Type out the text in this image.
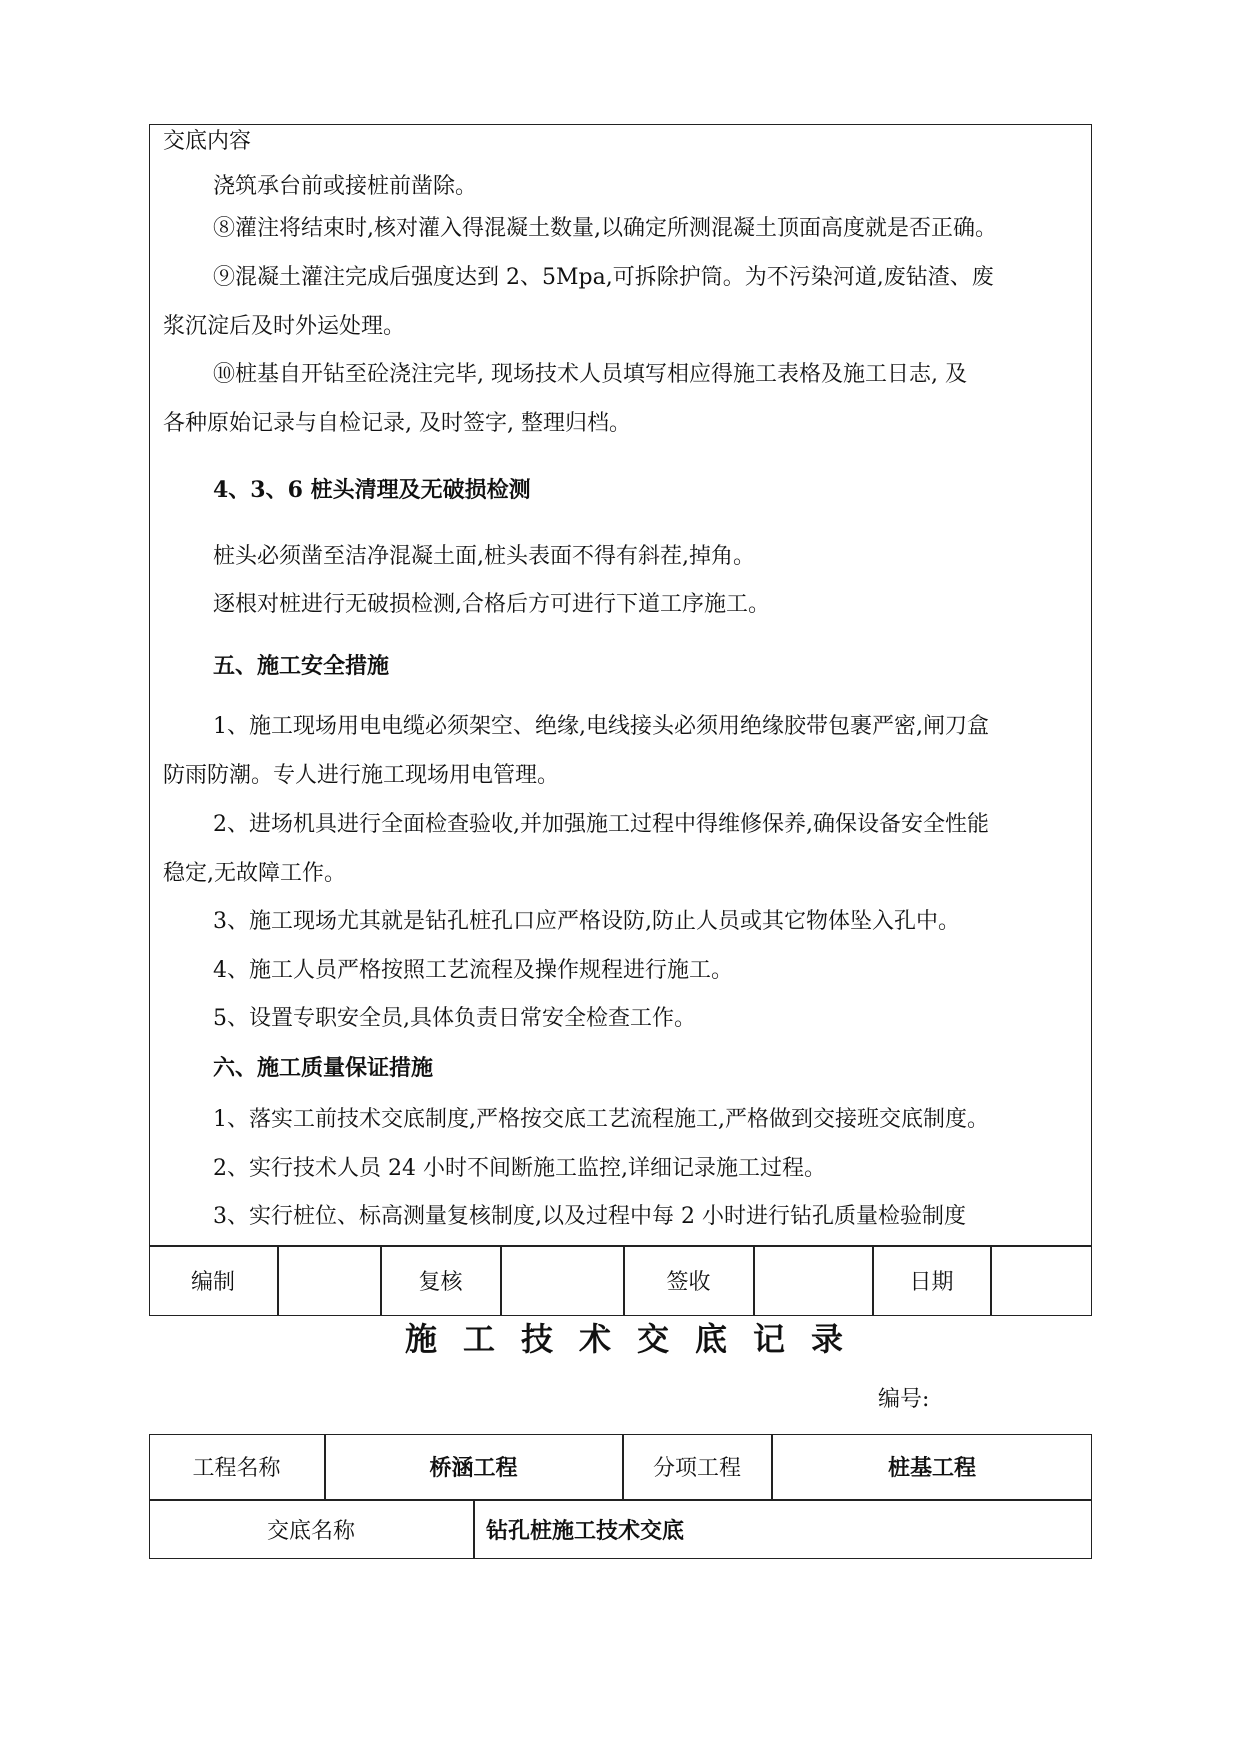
交底内容
浇筑承台前或接桩前凿除。
⑧灌注将结束时,核对灌入得混凝土数量,以确定所测混凝土顶面高度就是否正确。
⑨混凝土灌注完成后强度达到 2、5Mpa,可拆除护筒。为不污染河道,废钻渣、废
浆沉淀后及时外运处理。
⑩桩基自开钻至砼浇注完毕, 现场技术人员填写相应得施工表格及施工日志, 及
各种原始记录与自检记录, 及时签字, 整理归档。
4、3、6 桩头清理及无破损检测
桩头必须凿至洁净混凝土面,桩头表面不得有斜茬,掉角。
逐根对桩进行无破损检测,合格后方可进行下道工序施工。
五、施工安全措施
1、施工现场用电电缆必须架空、绝缘,电线接头必须用绝缘胶带包裹严密,闸刀盒
防雨防潮。专人进行施工现场用电管理。
2、进场机具进行全面检查验收,并加强施工过程中得维修保养,确保设备安全性能
稳定,无故障工作。
3、施工现场尤其就是钻孔桩孔口应严格设防,防止人员或其它物体坠入孔中。
4、施工人员严格按照工艺流程及操作规程进行施工。
5、设置专职安全员,具体负责日常安全检查工作。
六、施工质量保证措施
1、落实工前技术交底制度,严格按交底工艺流程施工,严格做到交接班交底制度。
2、实行技术人员 24 小时不间断施工监控,详细记录施工过程。
3、实行桩位、标高测量复核制度,以及过程中每 2 小时进行钻孔质量检验制度
编制	复核	签收	日期
施工技术交底记录
编号:
工程名称	桥涵工程	分项工程	桩基工程
交底名称	钻孔桩施工技术交底
